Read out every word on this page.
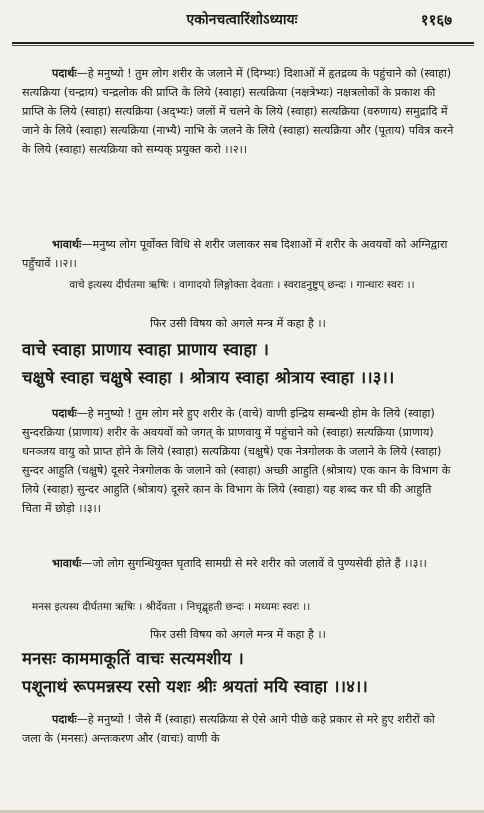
एकोनचत्वारिंशोऽध्यायः	११६७
पदार्थः—हे मनुष्यो ! तुम लोग शरीर के जलाने में (दिग्भ्यः) दिशाओं में हृतद्रव्य के पहुंचाने को (स्वाहा) सत्यक्रिया (चन्द्राय) चन्द्रलोक की प्राप्ति के लिये (स्वाहा) सत्यक्रिया (नक्षत्रेभ्यः) नक्षत्रलोकों के प्रकाश की प्राप्ति के लिये (स्वाहा) सत्यक्रिया (अद्भ्यः) जलों में चलने के लिये (स्वाहा) सत्यक्रिया (वरुणाय) समुद्रादि में जाने के लिये (स्वाहा) सत्यक्रिया (नाभ्यै) नाभि के जलने के लिये (स्वाहा) सत्यक्रिया और (पूताय) पवित्र करने के लिये (स्वाहा) सत्यक्रिया को सम्यक् प्रयुक्त करो ।।२।।
भावार्थः—मनुष्य लोग पूर्वोक्त विधि से शरीर जलाकर सब दिशाओं में शरीर के अवयवों को अग्निद्वारा पहुँचावें ।।२।।
वाचे इत्यस्य दीर्घतमा ऋषिः । वागादयो लिङ्गोक्ता देवताः । स्वराडनुष्टुप् छन्दः । गान्धारः स्वरः ।।
फिर उसी विषय को अगले मन्त्र में कहा है ।।
वाचे स्वाहा प्राणाय स्वाहा प्राणाय स्वाहा ।
चक्षुषे स्वाहा चक्षुषे स्वाहा । श्रोत्राय स्वाहा श्रोत्राय स्वाहा ।।३।।
पदार्थः—हे मनुष्यो ! तुम लोग मरे हुए शरीर के (वाचे) वाणी इन्द्रिय सम्बन्धी होम के लिये (स्वाहा) सुन्दरक्रिया (प्राणाय) शरीर के अवयवों को जगत् के प्राणवायु में पहुंचाने को (स्वाहा) सत्यक्रिया (प्राणाय) धनञ्जय वायु को प्राप्त होने के लिये (स्वाहा) सत्यक्रिया (चक्षुषे) एक नेत्रगोलक के जलाने के लिये (स्वाहा) सुन्दर आहुति (चक्षुषे) दूसरे नेत्रगोलक के जलाने को (स्वाहा) अच्छी आहुति (श्रोत्राय) एक कान के विभाग के लिये (स्वाहा) सुन्दर आहुति (श्रोत्राय) दूसरे कान के विभाग के लिये (स्वाहा) यह शब्द कर घी की आहुति चिता में छोड़ो ।।३।।
भावार्थः—जो लोग सुगन्धियुक्त घृतादि सामग्री से मरे शरीर को जलावें वे पुण्यसेवी होते हैं ।।३।।
मनस इत्यस्य दीर्घतमा ऋषिः । श्रीर्देवता । निचृद्बृहती छन्दः । मध्यमः स्वरः ।।
फिर उसी विषय को अगले मन्त्र में कहा है ।।
मनसः काममाकूतिं वाचः सत्यमशीय ।
पशूनाथं रूपमन्नस्य रसो यशः श्रीः श्रयतां मयि स्वाहा ।।४।।
पदार्थः—हे मनुष्यो ! जैसे मैं (स्वाहा) सत्यक्रिया से ऐसे आगे पीछे कहे प्रकार से मरे हुए शरीरों को जला के (मनसः) अन्तःकरण और (वाचः) वाणी के
